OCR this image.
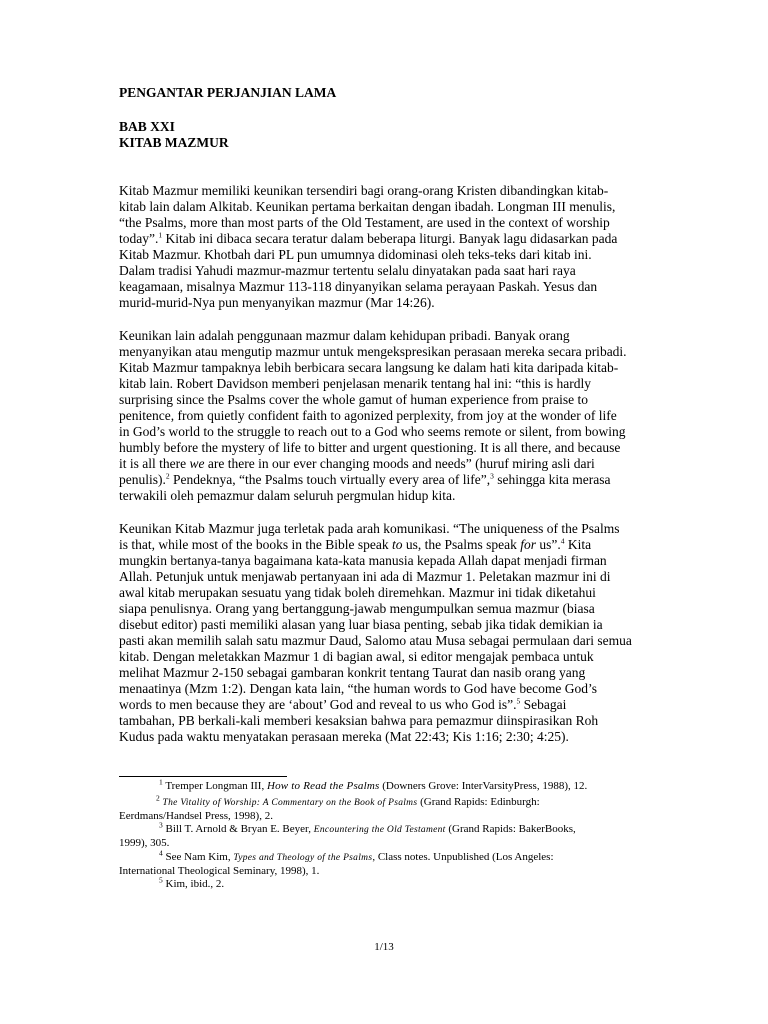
PENGANTAR PERJANJIAN LAMA

BAB XXI

KITAB MAZMUR

Kitab Mazmur memiliki keunikan tersendiri bagi orang-orang Kristen dibandingkan kitab-

kitab lain dalam Alkitab. Keunikan pertama berkaitan dengan ibadah. Longman III menulis,

“the Psalms, more than most parts of the Old Testament, are used in the context of worship

today”.$^1$ Kitab ini dibaca secara teratur dalam beberapa liturgi. Banyak lagu didasarkan pada

Kitab Mazmur. Khotbah dari PL pun umumnya didominasi oleh teks-teks dari kitab ini.

Dalam tradisi Yahudi mazmur-mazmur tertentu selalu dinyatakan pada saat hari raya

keagamaan, misalnya Mazmur 113-118 dinyanyikan selama perayaan Paskah. Yesus dan

murid-murid-Nya pun menyanyikan mazmur (Mar 14:26).

Keunikan lain adalah penggunaan mazmur dalam kehidupan pribadi. Banyak orang

menyanyikan atau mengutip mazmur untuk mengekspresikan perasaan mereka secara pribadi.

Kitab Mazmur tampaknya lebih berbicara secara langsung ke dalam hati kita daripada kitab-

kitab lain. Robert Davidson memberi penjelasan menarik tentang hal ini: “this is hardly

surprising since the Psalms cover the whole gamut of human experience from praise to

penitence, from quietly confident faith to agonized perplexity, from joy at the wonder of life

in God’s world to the struggle to reach out to a God who seems remote or silent, from bowing

humbly before the mystery of life to bitter and urgent questioning. It is all there, and because

it is all there we are there in our ever changing moods and needs” (huruf miring asli dari

penulis).$^2$ Pendeknya, “the Psalms touch virtually every area of life”,$^3$ sehingga kita merasa

terwakili oleh pemazmur dalam seluruh pergmulan hidup kita.

Keunikan Kitab Mazmur juga terletak pada arah komunikasi. “The uniqueness of the Psalms

is that, while most of the books in the Bible speak to us, the Psalms speak for us”.$^4$ Kita

mungkin bertanya-tanya bagaimana kata-kata manusia kepada Allah dapat menjadi firman

Allah. Petunjuk untuk menjawab pertanyaan ini ada di Mazmur 1. Peletakan mazmur ini di

awal kitab merupakan sesuatu yang tidak boleh diremehkan. Mazmur ini tidak diketahui

siapa penulisnya. Orang yang bertanggung-jawab mengumpulkan semua mazmur (biasa

disebut editor) pasti memiliki alasan yang luar biasa penting, sebab jika tidak demikian ia

pasti akan memilih salah satu mazmur Daud, Salomo atau Musa sebagai permulaan dari semua

kitab. Dengan meletakkan Mazmur 1 di bagian awal, si editor mengajak pembaca untuk

melihat Mazmur 2-150 sebagai gambaran konkrit tentang Taurat dan nasib orang yang

menaatinya (Mzm 1:2). Dengan kata lain, “the human words to God have become God’s

words to men because they are ‘about’ God and reveal to us who God is”.$^5$ Sebagai

tambahan, PB berkali-kali memberi kesaksian bahwa para pemazmur diinspirasikan Roh

Kudus pada waktu menyatakan perasaan mereka (Mat 22:43; Kis 1:16; 2:30; 4:25).

$^1$ Tremper Longman III, How to Read the Psalms (Downers Grove: InterVarsityPress, 1988), 12.

$^2$ The Vitality of Worship: A Commentary on the Book of Psalms (Grand Rapids: Edinburgh:

Eerdmans/Handsel Press, 1998), 2.

$^3$ Bill T. Arnold & Bryan E. Beyer, Encountering the Old Testament (Grand Rapids: BakerBooks,

1999), 305.

$^4$ See Nam Kim, Types and Theology of the Psalms, Class notes. Unpublished (Los Angeles:

International Theological Seminary, 1998), 1.

$^5$ Kim, ibid., 2.

1/13
